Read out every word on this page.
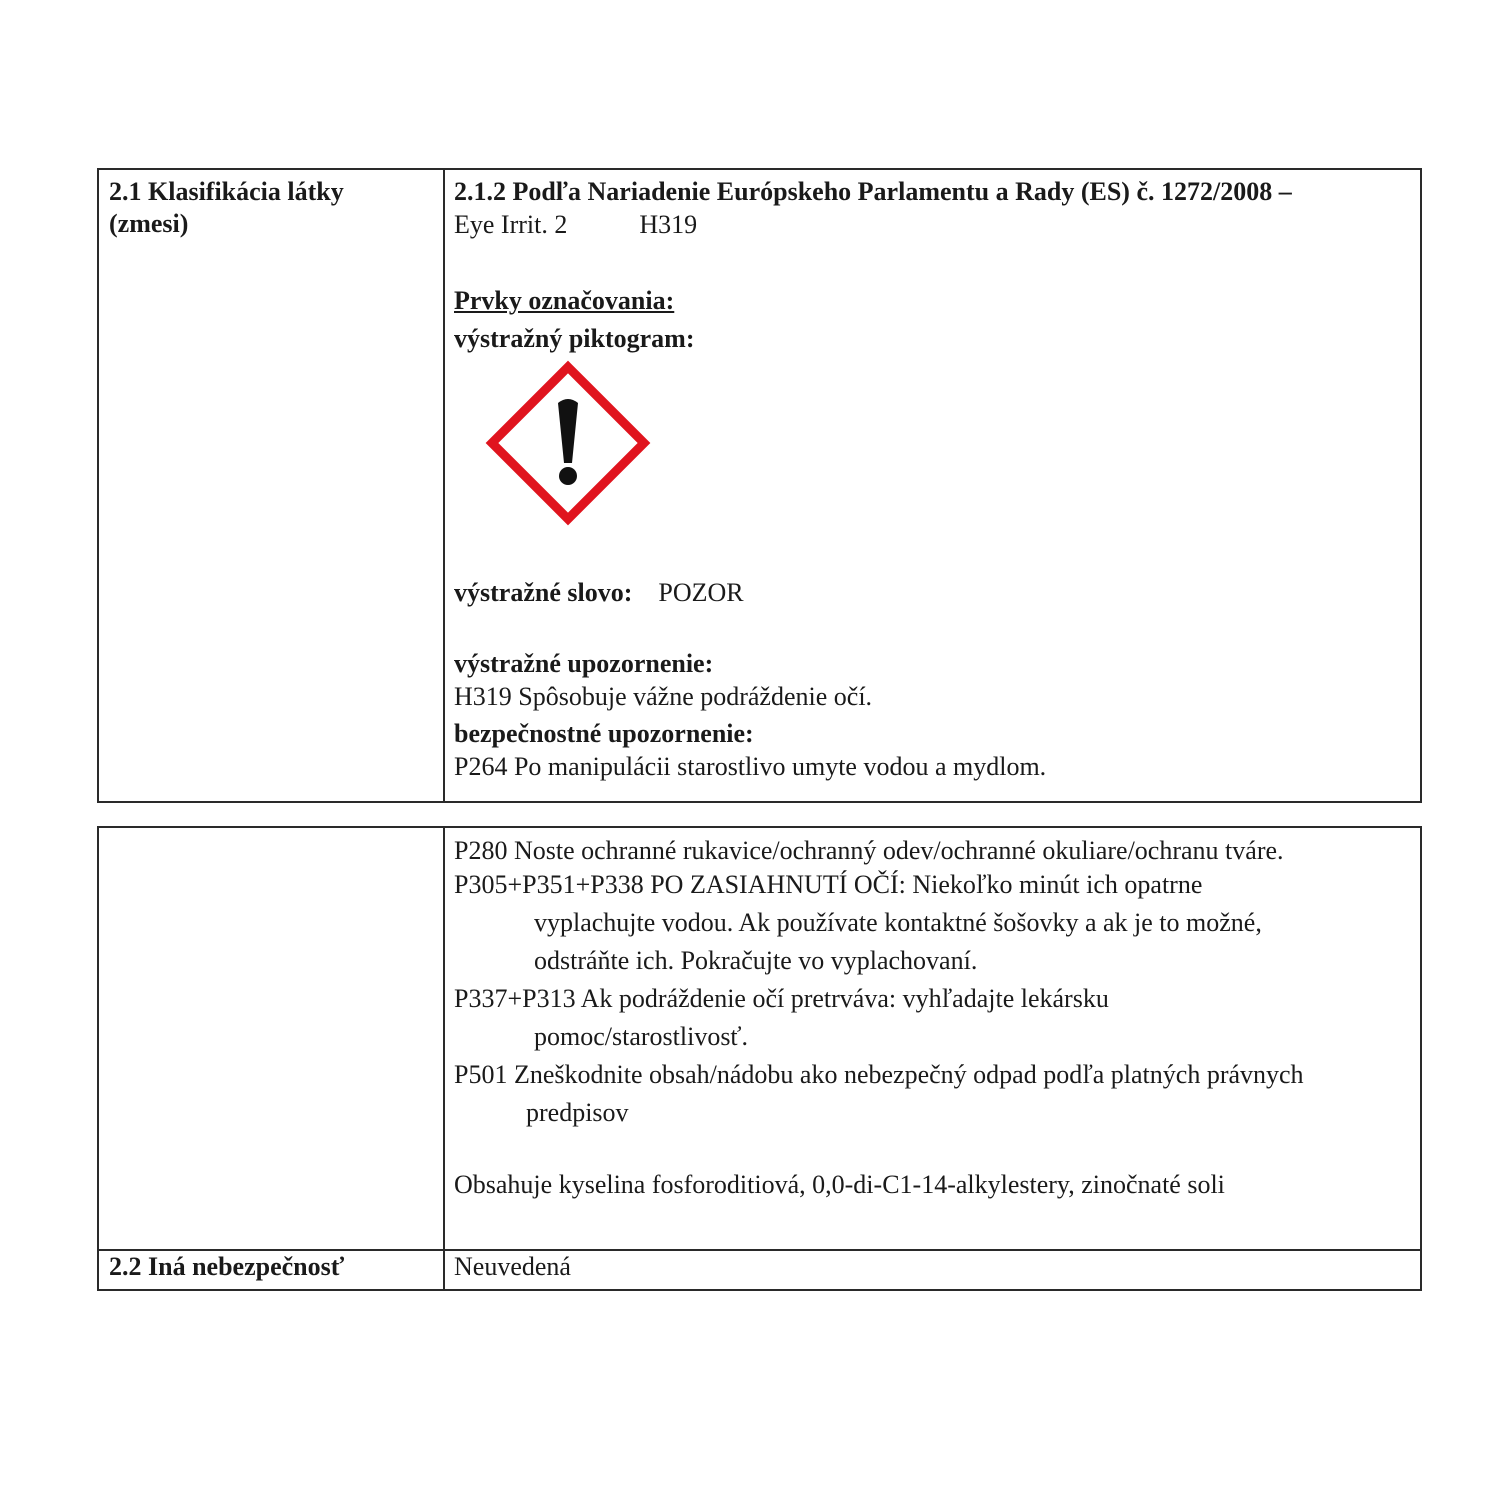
2.1 Klasifikácia látky

(zmesi)

2.1.2 Podľa Nariadenie Európskeho Parlamentu a Rady (ES) č. 1272/2008 –

Eye Irrit. 2	H319

Prvky označovania:

výstražný piktogram:

výstražné slovo: POZOR

výstražné upozornenie:

H319 Spôsobuje vážne podráždenie očí.

bezpečnostné upozornenie:

P264 Po manipulácii starostlivo umyte vodou a mydlom.

P280 Noste ochranné rukavice/ochranný odev/ochranné okuliare/ochranu tváre.

P305+P351+P338 PO ZASIAHNUTÍ OČÍ: Niekoľko minút ich opatrne

vyplachujte vodou. Ak používate kontaktné šošovky a ak je to možné,

odstráňte ich. Pokračujte vo vyplachovaní.

P337+P313 Ak podráždenie očí pretrváva: vyhľadajte lekársku

pomoc/starostlivosť.

P501 Zneškodnite obsah/nádobu ako nebezpečný odpad podľa platných právnych

predpisov

Obsahuje kyselina fosforoditiová, 0,0-di-C1-14-alkylestery, zinočnaté soli

2.2 Iná nebezpečnosť	Neuvedená
